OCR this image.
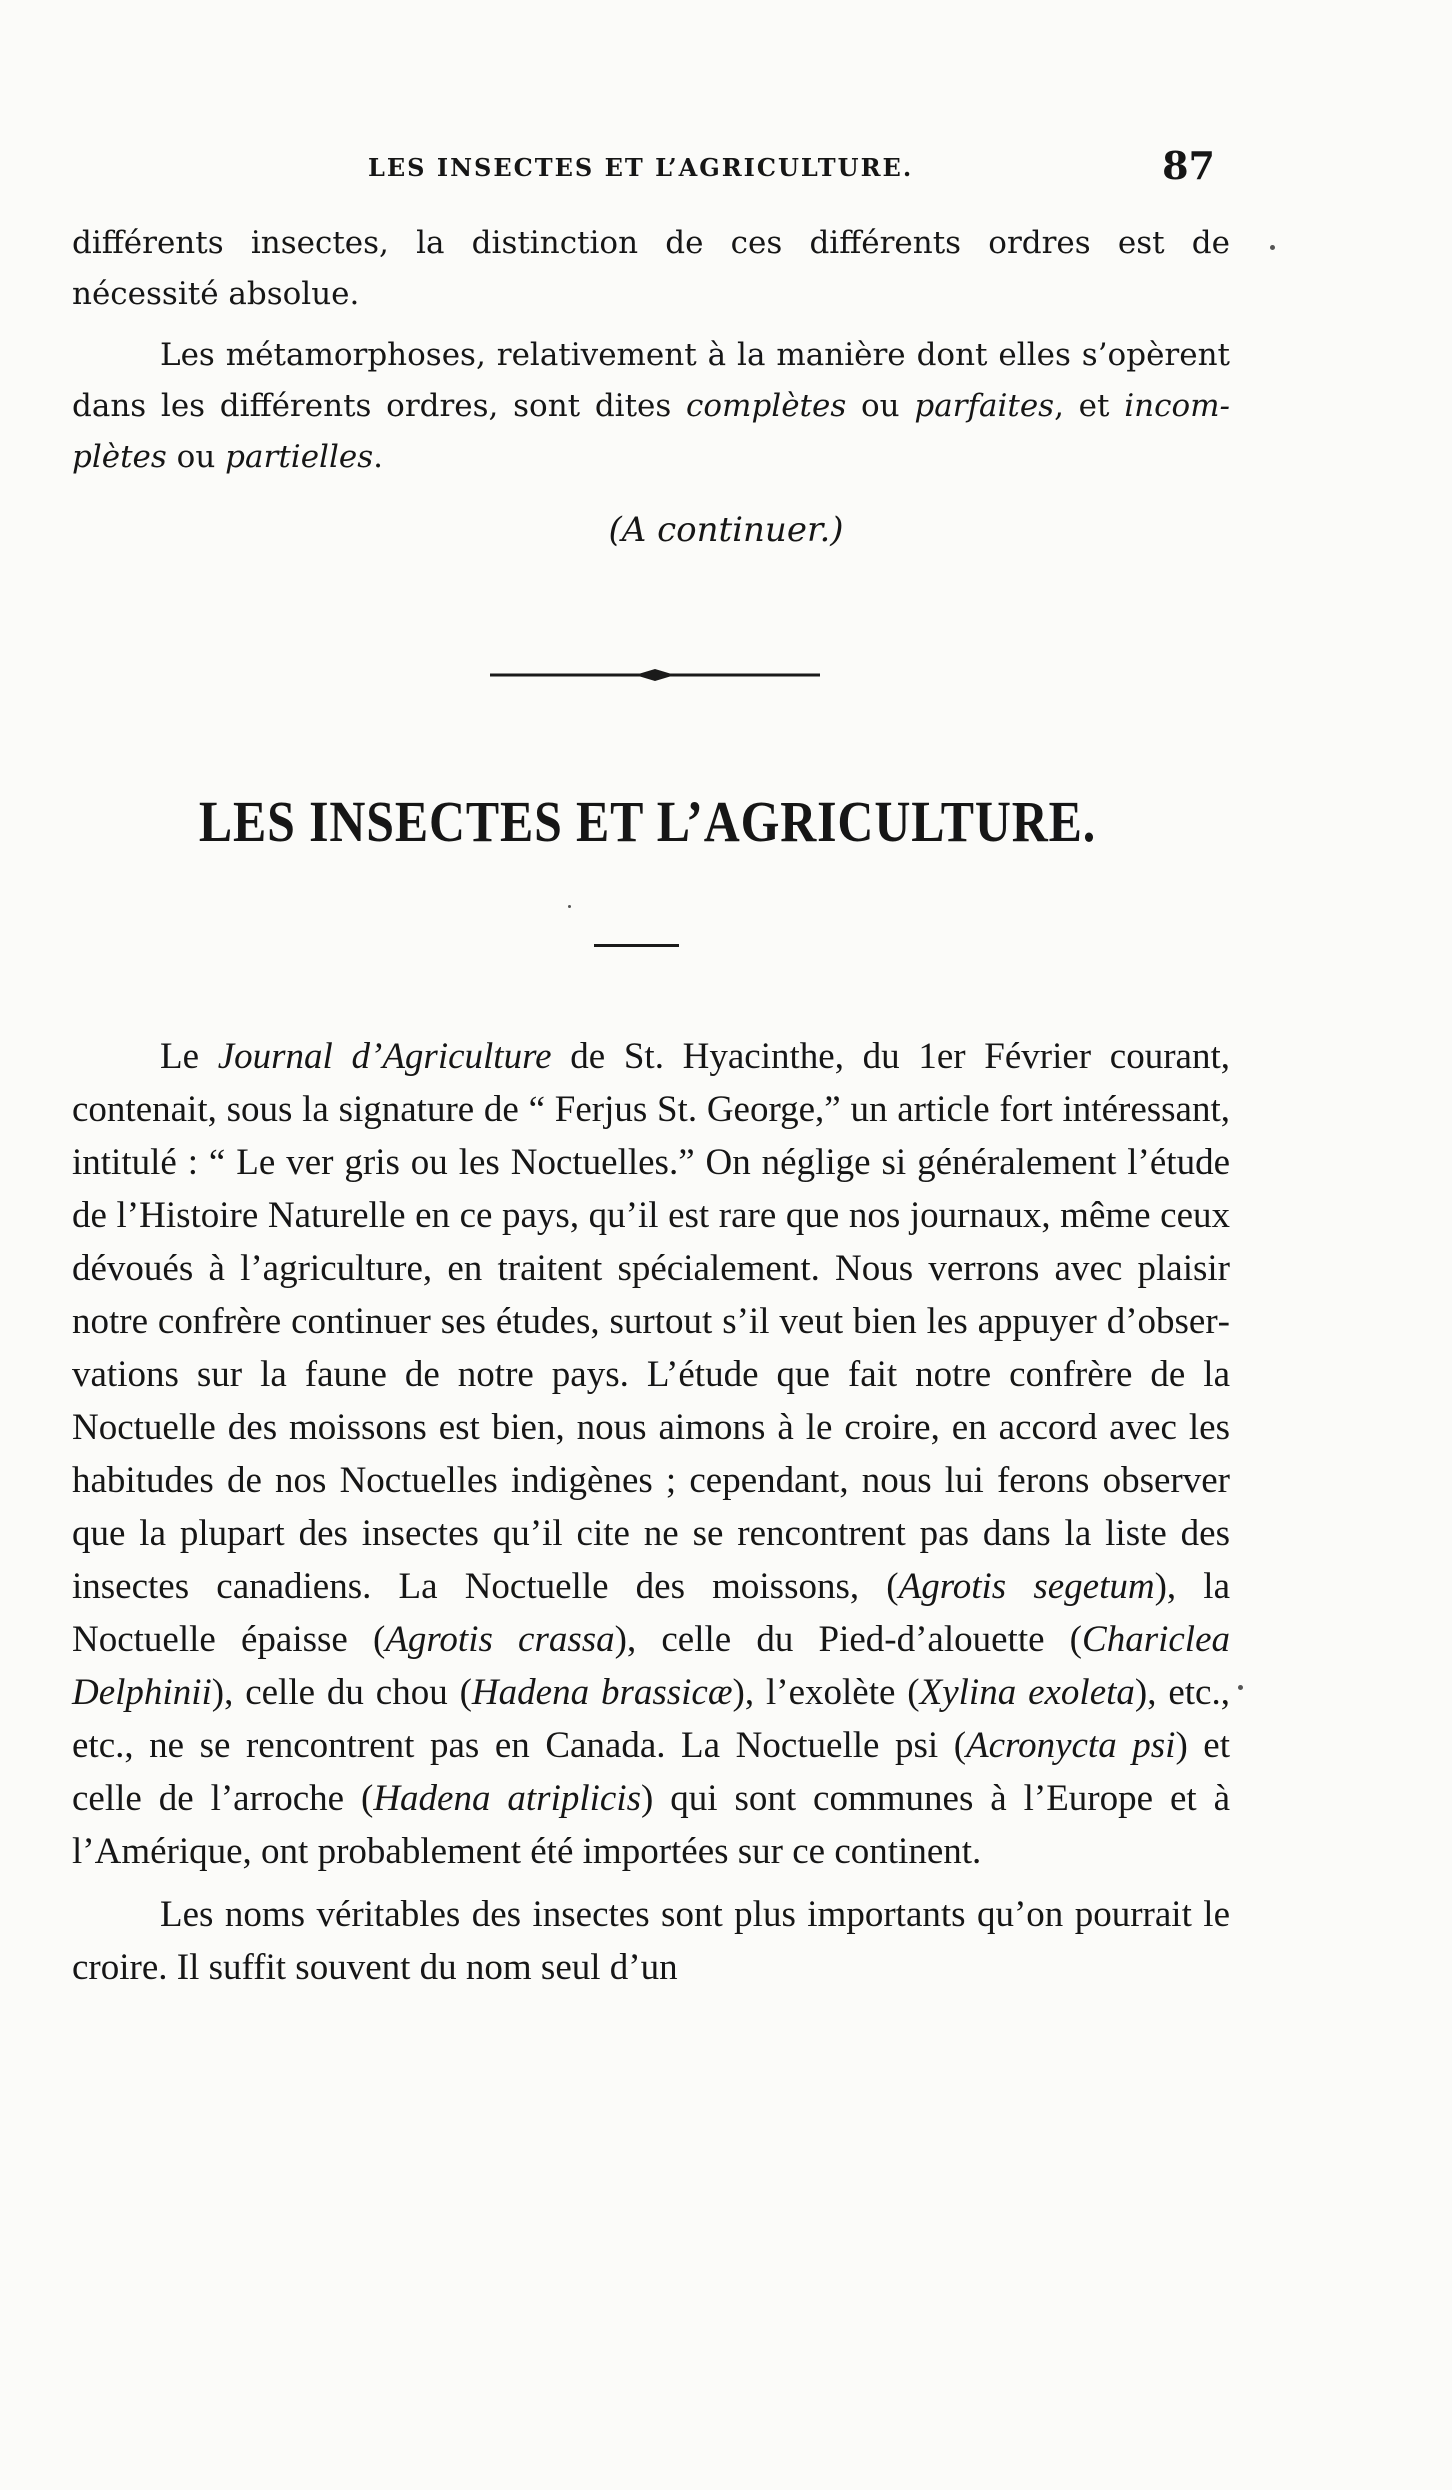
LES INSECTES ET L’AGRICULTURE.	87

différents insectes, la distinction de ces différents ordres est de nécessité absolue.

Les métamorphoses, relativement à la manière dont elles s’opèrent dans les différents ordres, sont dites complètes ou parfaites, et incomplètes ou partielles.

(A continuer.)
LES INSECTES ET L’AGRICULTURE.

Le Journal d’Agriculture de St. Hyacinthe, du 1er Février courant, contenait, sous la signature de “ Ferjus St. George,” un article fort intéressant, intitulé : “ Le ver gris ou les Noctuelles.” On néglige si généralement l’étude de l’Histoire Naturelle en ce pays, qu’il est rare que nos journaux, même ceux dévoués à l’agriculture, en traitent spécialement. Nous verrons avec plaisir notre confrère continuer ses études, surtout s’il veut bien les appuyer d’observations sur la faune de notre pays. L’étude que fait notre confrère de la Noctuelle des moissons est bien, nous aimons à le croire, en accord avec les habitudes de nos Noctuelles indigènes ; cependant, nous lui ferons observer que la plupart des insectes qu’il cite ne se rencontrent pas dans la liste des insectes canadiens. La Noctuelle des moissons, (Agrotis segetum), la Noctuelle épaisse (Agrotis crassa), celle du Pied-d’alouette (Chariclea Delphinii), celle du chou (Hadena brassicæ), l’exolète (Xylina exoleta), etc., etc., ne se rencontrent pas en Canada. La Noctuelle psi (Acronycta psi) et celle de l’arroche (Hadena atriplicis) qui sont communes à l’Europe et à l’Amérique, ont probablement été importées sur ce continent.

Les noms véritables des insectes sont plus importants qu’on pourrait le croire. Il suffit souvent du nom seul d’un
